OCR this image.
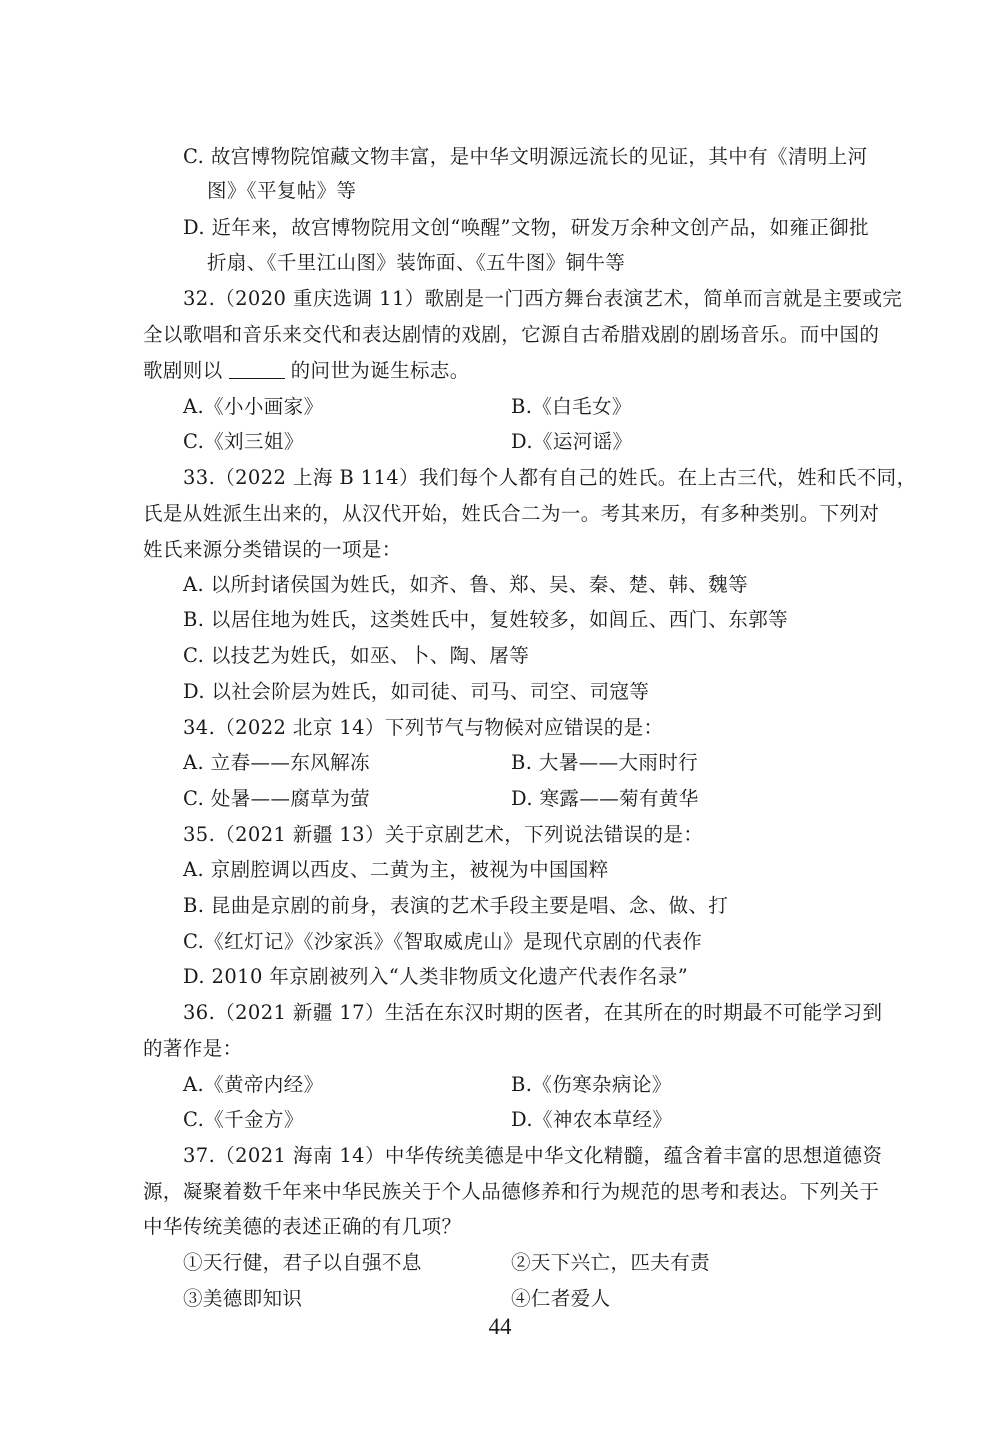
C. 故宫博物院馆藏文物丰富，是中华文明源远流长的见证，其中有《清明上河
图》《平复帖》等
D. 近年来，故宫博物院用文创“唤醒”文物，研发万余种文创产品，如雍正御批
折扇、《千里江山图》装饰面、《五牛图》铜牛等
32.（2020 重庆选调 11）歌剧是一门西方舞台表演艺术，简单而言就是主要或完
全以歌唱和音乐来交代和表达剧情的戏剧，它源自古希腊戏剧的剧场音乐。而中国的
歌剧则以	的问世为诞生标志。
A.《小小画家》	B.《白毛女》
C.《刘三姐》	D.《运河谣》
33.（2022 上海 B 114）我们每个人都有自己的姓氏。在上古三代，姓和氏不同，
氏是从姓派生出来的，从汉代开始，姓氏合二为一。考其来历，有多种类别。下列对
姓氏来源分类错误的一项是：
A. 以所封诸侯国为姓氏，如齐、鲁、郑、吴、秦、楚、韩、魏等
B. 以居住地为姓氏，这类姓氏中，复姓较多，如闾丘、西门、东郭等
C. 以技艺为姓氏，如巫、卜、陶、屠等
D. 以社会阶层为姓氏，如司徒、司马、司空、司寇等
34.（2022 北京 14）下列节气与物候对应错误的是：
A. 立春——东风解冻	B. 大暑——大雨时行
C. 处暑——腐草为萤	D. 寒露——菊有黄华
35.（2021 新疆 13）关于京剧艺术，下列说法错误的是：
A. 京剧腔调以西皮、二黄为主，被视为中国国粹
B. 昆曲是京剧的前身，表演的艺术手段主要是唱、念、做、打
C.《红灯记》《沙家浜》《智取威虎山》是现代京剧的代表作
D. 2010 年京剧被列入“人类非物质文化遗产代表作名录”
36.（2021 新疆 17）生活在东汉时期的医者，在其所在的时期最不可能学习到
的著作是：
A.《黄帝内经》	B.《伤寒杂病论》
C.《千金方》	D.《神农本草经》
37.（2021 海南 14）中华传统美德是中华文化精髓，蕴含着丰富的思想道德资
源，凝聚着数千年来中华民族关于个人品德修养和行为规范的思考和表达。下列关于
中华传统美德的表述正确的有几项？
①天行健，君子以自强不息	②天下兴亡，匹夫有责
③美德即知识	④仁者爱人
44
